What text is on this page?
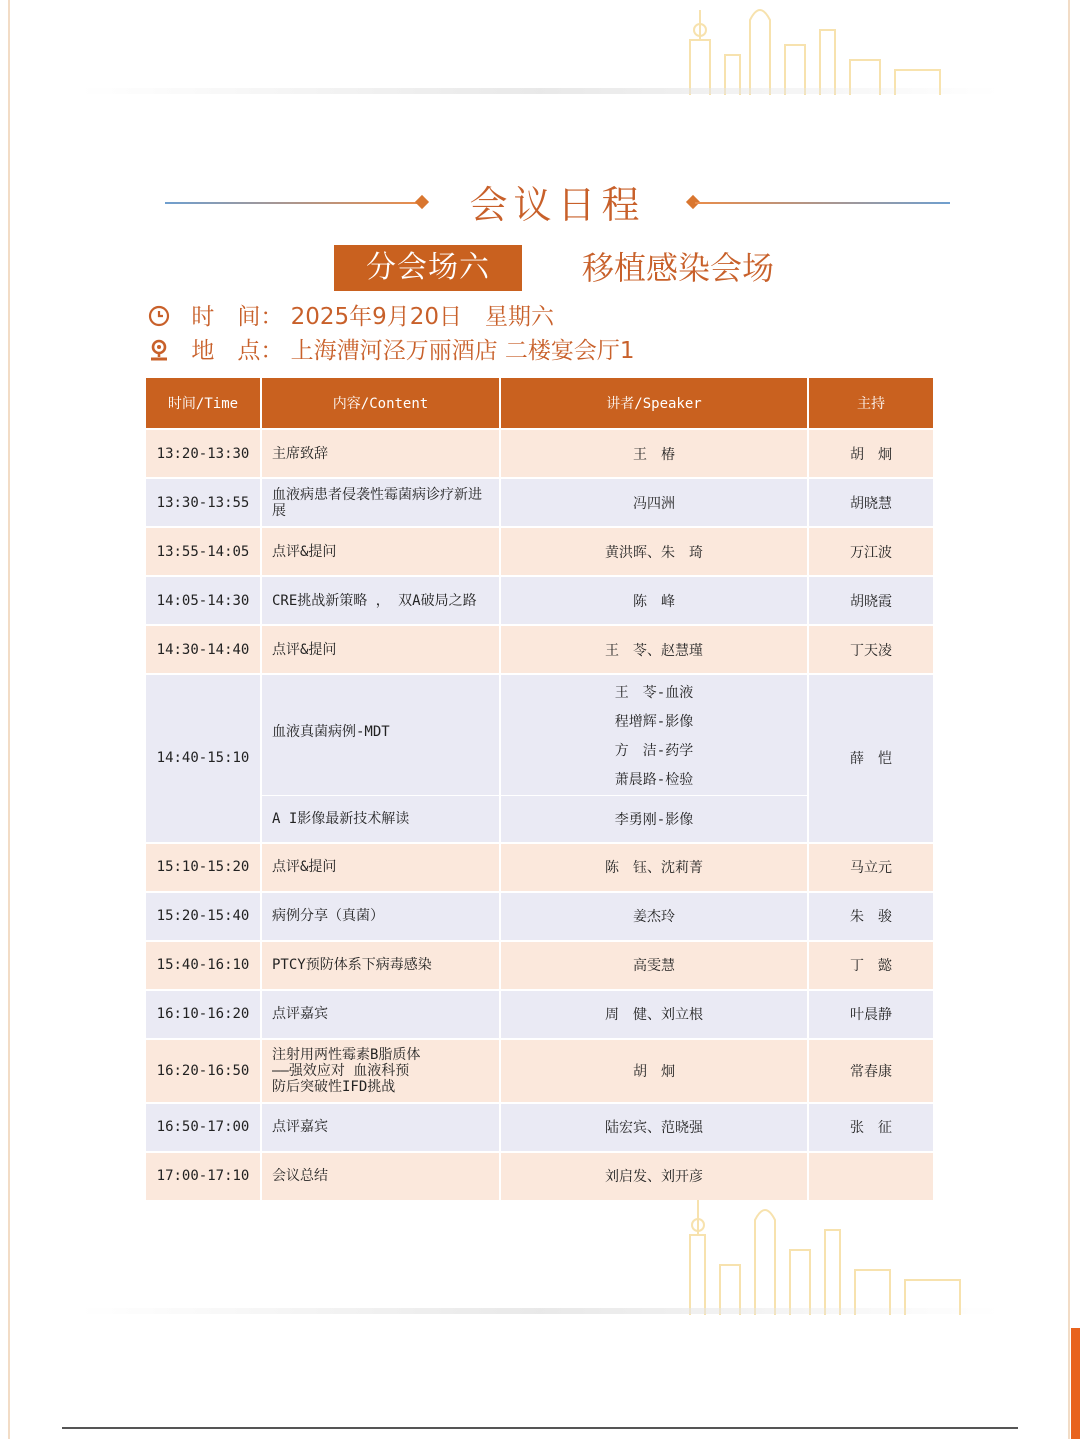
会议日程
分会场六	移植感染会场
时　间： 2025年9月20日　星期六
地　点： 上海漕河泾万丽酒店 二楼宴会厅1
时间/Time	内容/Content	讲者/Speaker	主持
13:20-13:30	主席致辞	王　椿	胡　炯
13:30-13:55	血液病患者侵袭性霉菌病诊疗新进展	冯四洲	胡晓慧
13:55-14:05	点评&提问	黄洪晖、朱　琦	万江波
14:05-14:30	CRE挑战新策略 ， 双A破局之路	陈　峰	胡晓霞
14:30-14:40	点评&提问	王　苓、赵慧瑾	丁天凌
14:40-15:10	血液真菌病例-MDT	王　苓-血液
程增辉-影像
方　洁-药学
萧晨路-检验	薛　恺
	A I影像最新技术解读	李勇刚-影像	
15:10-15:20	点评&提问	陈　钰、沈莉菁	马立元
15:20-15:40	病例分享（真菌）	姜杰玲	朱　骏
15:40-16:10	PTCY预防体系下病毒感染	高雯慧	丁　懿
16:10-16:20	点评嘉宾	周　健、刘立根	叶晨静
16:20-16:50	注射用两性霉素B脂质体
——强效应对 血液科预
防后突破性IFD挑战	胡　炯	常春康
16:50-17:00	点评嘉宾	陆宏宾、范晓强	张　征
17:00-17:10	会议总结	刘启发、刘开彦	
